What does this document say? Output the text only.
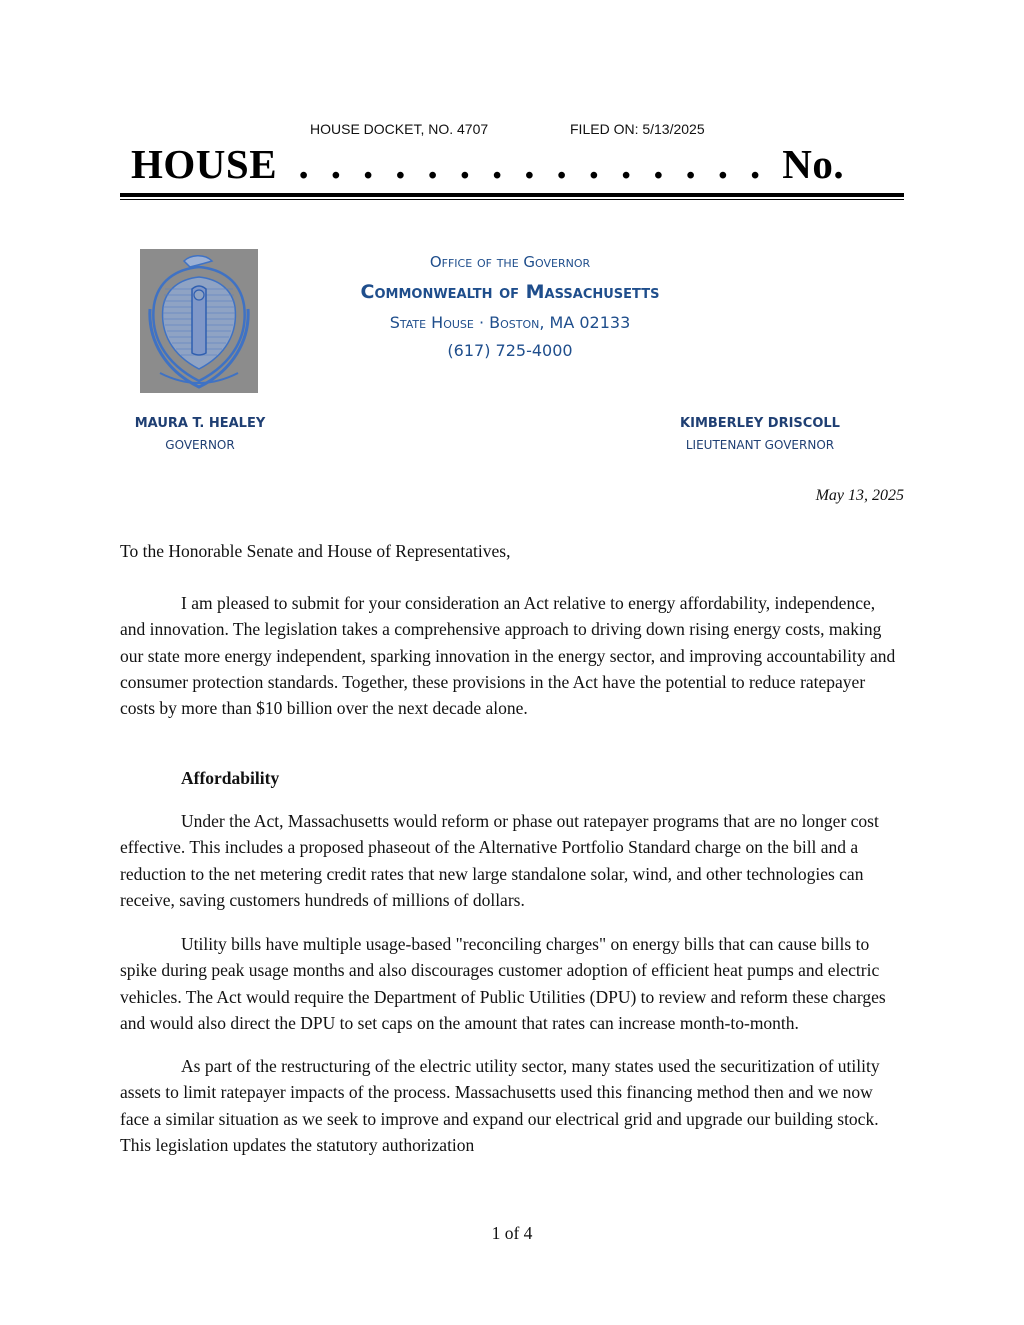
HOUSE DOCKET, NO. 4707	FILED ON: 5/13/2025
HOUSE  .  .  .  .  .  .  .  .  .  .  .  .  .  .  .  No.
Office of the Governor
Commonwealth of Massachusetts
State House · Boston, MA 02133
(617) 725-4000
MAURA T. HEALEY
GOVERNOR
KIMBERLEY DRISCOLL
LIEUTENANT GOVERNOR
May 13, 2025

To the Honorable Senate and House of Representatives,

I am pleased to submit for your consideration an Act relative to energy affordability, independence, and innovation. The legislation takes a comprehensive approach to driving down rising energy costs, making our state more energy independent, sparking innovation in the energy sector, and improving accountability and consumer protection standards. Together, these provisions in the Act have the potential to reduce ratepayer costs by more than $10 billion over the next decade alone.

Affordability

Under the Act, Massachusetts would reform or phase out ratepayer programs that are no longer cost effective. This includes a proposed phaseout of the Alternative Portfolio Standard charge on the bill and a reduction to the net metering credit rates that new large standalone solar, wind, and other technologies can receive, saving customers hundreds of millions of dollars.

Utility bills have multiple usage-based "reconciling charges" on energy bills that can cause bills to spike during peak usage months and also discourages customer adoption of efficient heat pumps and electric vehicles. The Act would require the Department of Public Utilities (DPU) to review and reform these charges and would also direct the DPU to set caps on the amount that rates can increase month-to-month.

As part of the restructuring of the electric utility sector, many states used the securitization of utility assets to limit ratepayer impacts of the process. Massachusetts used this financing method then and we now face a similar situation as we seek to improve and expand our electrical grid and upgrade our building stock. This legislation updates the statutory authorization

1 of 4
